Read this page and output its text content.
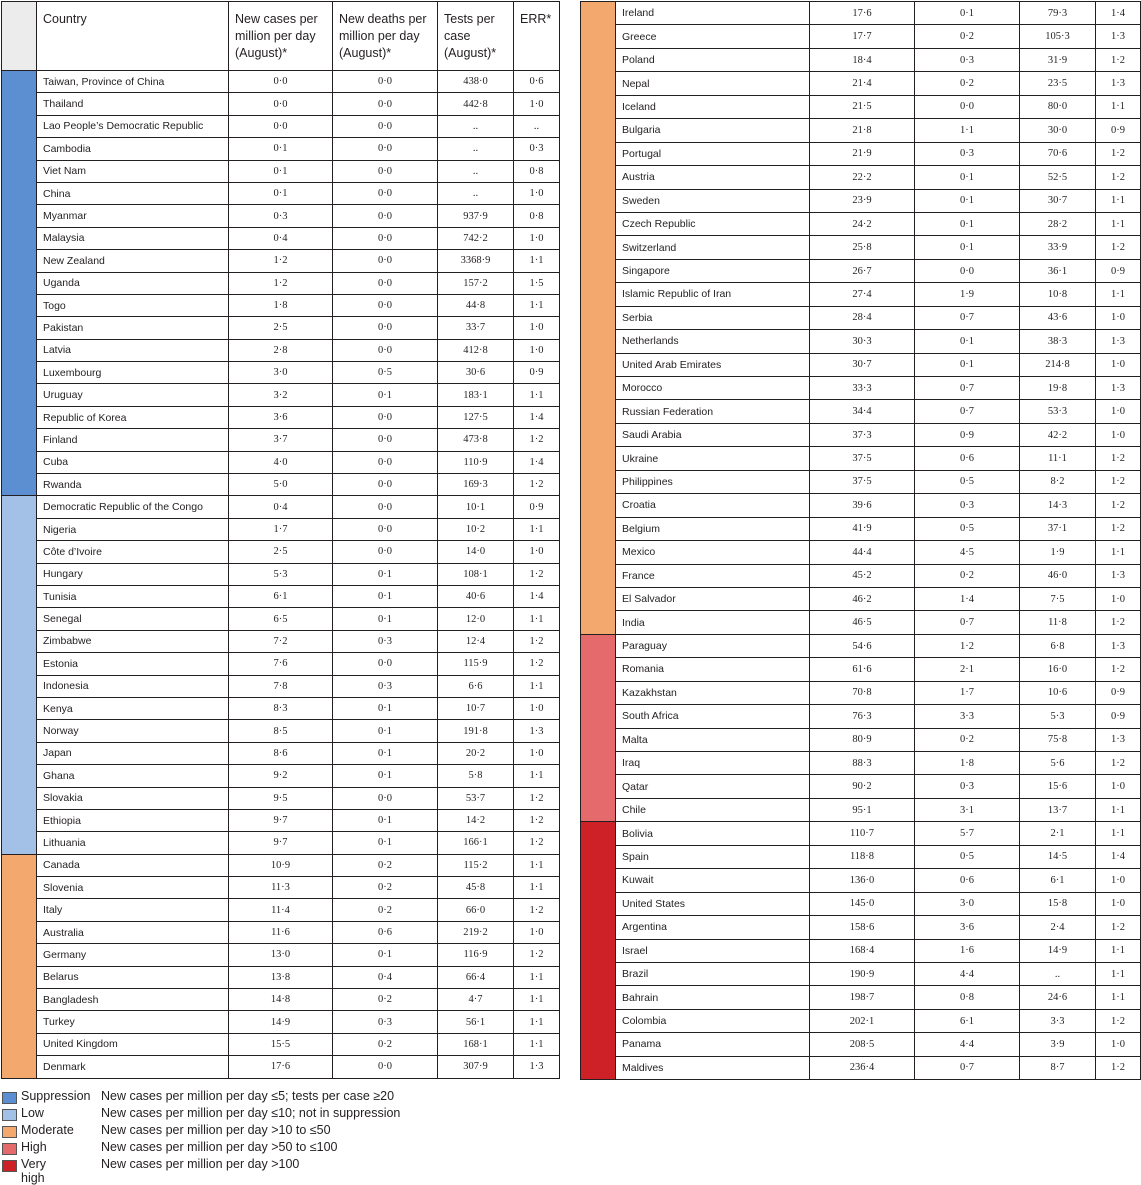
	Country	New cases per million per day (August)*	New deaths per million per day (August)*	Tests per case (August)*	ERR*
	Taiwan, Province of China	0·0	0·0	438·0	0·6
	Thailand	0·0	0·0	442·8	1·0
	Lao People’s Democratic Republic	0·0	0·0	..	..
	Cambodia	0·1	0·0	..	0·3
	Viet Nam	0·1	0·0	..	0·8
	China	0·1	0·0	..	1·0
	Myanmar	0·3	0·0	937·9	0·8
	Malaysia	0·4	0·0	742·2	1·0
	New Zealand	1·2	0·0	3368·9	1·1
	Uganda	1·2	0·0	157·2	1·5
	Togo	1·8	0·0	44·8	1·1
	Pakistan	2·5	0·0	33·7	1·0
	Latvia	2·8	0·0	412·8	1·0
	Luxembourg	3·0	0·5	30·6	0·9
	Uruguay	3·2	0·1	183·1	1·1
	Republic of Korea	3·6	0·0	127·5	1·4
	Finland	3·7	0·0	473·8	1·2
	Cuba	4·0	0·0	110·9	1·4
	Rwanda	5·0	0·0	169·3	1·2
	Democratic Republic of the Congo	0·4	0·0	10·1	0·9
	Nigeria	1·7	0·0	10·2	1·1
	Côte d’Ivoire	2·5	0·0	14·0	1·0
	Hungary	5·3	0·1	108·1	1·2
	Tunisia	6·1	0·1	40·6	1·4
	Senegal	6·5	0·1	12·0	1·1
	Zimbabwe	7·2	0·3	12·4	1·2
	Estonia	7·6	0·0	115·9	1·2
	Indonesia	7·8	0·3	6·6	1·1
	Kenya	8·3	0·1	10·7	1·0
	Norway	8·5	0·1	191·8	1·3
	Japan	8·6	0·1	20·2	1·0
	Ghana	9·2	0·1	5·8	1·1
	Slovakia	9·5	0·0	53·7	1·2
	Ethiopia	9·7	0·1	14·2	1·2
	Lithuania	9·7	0·1	166·1	1·2
	Canada	10·9	0·2	115·2	1·1
	Slovenia	11·3	0·2	45·8	1·1
	Italy	11·4	0·2	66·0	1·2
	Australia	11·6	0·6	219·2	1·0
	Germany	13·0	0·1	116·9	1·2
	Belarus	13·8	0·4	66·4	1·1
	Bangladesh	14·8	0·2	4·7	1·1
	Turkey	14·9	0·3	56·1	1·1
	United Kingdom	15·5	0·2	168·1	1·1
	Denmark	17·6	0·0	307·9	1·3
	Ireland	17·6	0·1	79·3	1·4
	Greece	17·7	0·2	105·3	1·3
	Poland	18·4	0·3	31·9	1·2
	Nepal	21·4	0·2	23·5	1·3
	Iceland	21·5	0·0	80·0	1·1
	Bulgaria	21·8	1·1	30·0	0·9
	Portugal	21·9	0·3	70·6	1·2
	Austria	22·2	0·1	52·5	1·2
	Sweden	23·9	0·1	30·7	1·1
	Czech Republic	24·2	0·1	28·2	1·1
	Switzerland	25·8	0·1	33·9	1·2
	Singapore	26·7	0·0	36·1	0·9
	Islamic Republic of Iran	27·4	1·9	10·8	1·1
	Serbia	28·4	0·7	43·6	1·0
	Netherlands	30·3	0·1	38·3	1·3
	United Arab Emirates	30·7	0·1	214·8	1·0
	Morocco	33·3	0·7	19·8	1·3
	Russian Federation	34·4	0·7	53·3	1·0
	Saudi Arabia	37·3	0·9	42·2	1·0
	Ukraine	37·5	0·6	11·1	1·2
	Philippines	37·5	0·5	8·2	1·2
	Croatia	39·6	0·3	14·3	1·2
	Belgium	41·9	0·5	37·1	1·2
	Mexico	44·4	4·5	1·9	1·1
	France	45·2	0·2	46·0	1·3
	El Salvador	46·2	1·4	7·5	1·0
	India	46·5	0·7	11·8	1·2
	Paraguay	54·6	1·2	6·8	1·3
	Romania	61·6	2·1	16·0	1·2
	Kazakhstan	70·8	1·7	10·6	0·9
	South Africa	76·3	3·3	5·3	0·9
	Malta	80·9	0·2	75·8	1·3
	Iraq	88·3	1·8	5·6	1·2
	Qatar	90·2	0·3	15·6	1·0
	Chile	95·1	3·1	13·7	1·1
	Bolivia	110·7	5·7	2·1	1·1
	Spain	118·8	0·5	14·5	1·4
	Kuwait	136·0	0·6	6·1	1·0
	United States	145·0	3·0	15·8	1·0
	Argentina	158·6	3·6	2·4	1·2
	Israel	168·4	1·6	14·9	1·1
	Brazil	190·9	4·4	..	1·1
	Bahrain	198·7	0·8	24·6	1·1
	Colombia	202·1	6·1	3·3	1·2
	Panama	208·5	4·4	3·9	1·0
	Maldives	236·4	0·7	8·7	1·2
Suppression New cases per million per day ≤5; tests per case ≥20
Low	New cases per million per day ≤10; not in suppression
Moderate New cases per million per day >10 to ≤50
High	New cases per million per day >50 to ≤100
Very high
New cases per million per day >100
